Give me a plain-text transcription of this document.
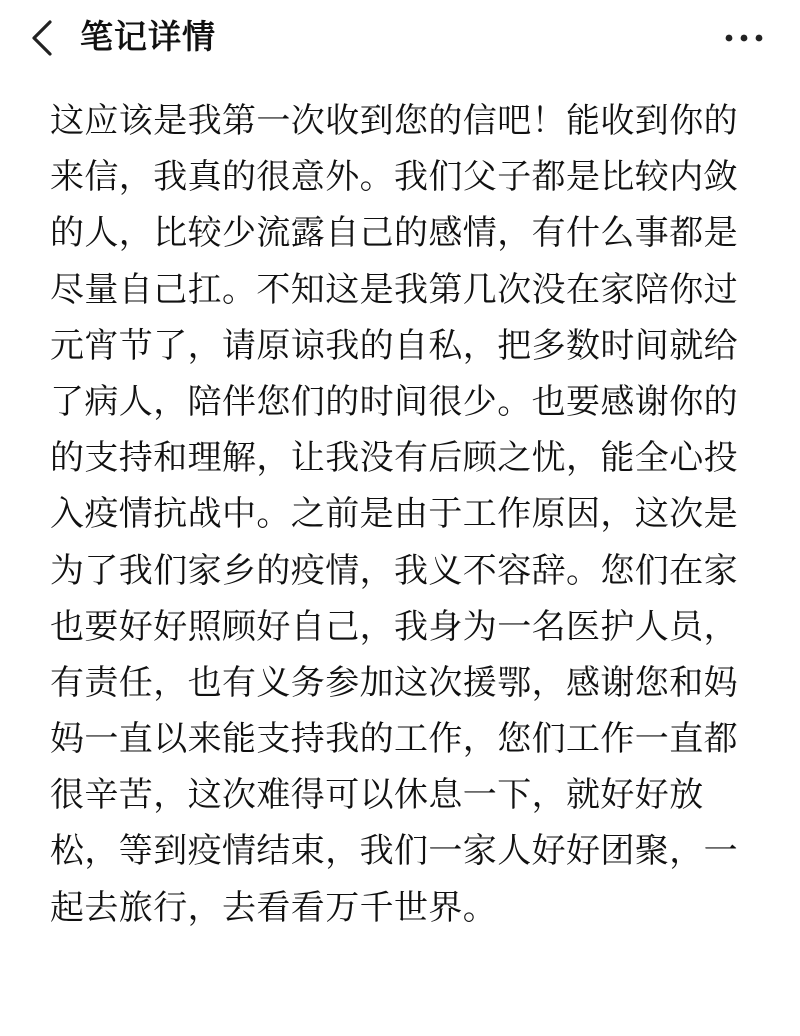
笔记详情
这应该是我第一次收到您的信吧！能收到你的
来信，我真的很意外。我们父子都是比较内敛
的人，比较少流露自己的感情，有什么事都是
尽量自己扛。不知这是我第几次没在家陪你过
元宵节了，请原谅我的自私，把多数时间就给
了病人，陪伴您们的时间很少。也要感谢你的
的支持和理解，让我没有后顾之忧，能全心投
入疫情抗战中。之前是由于工作原因，这次是
为了我们家乡的疫情，我义不容辞。您们在家
也要好好照顾好自己，我身为一名医护人员，
有责任，也有义务参加这次援鄂，感谢您和妈
妈一直以来能支持我的工作，您们工作一直都
很辛苦，这次难得可以休息一下，就好好放
松，等到疫情结束，我们一家人好好团聚，一
起去旅行，去看看万千世界。
